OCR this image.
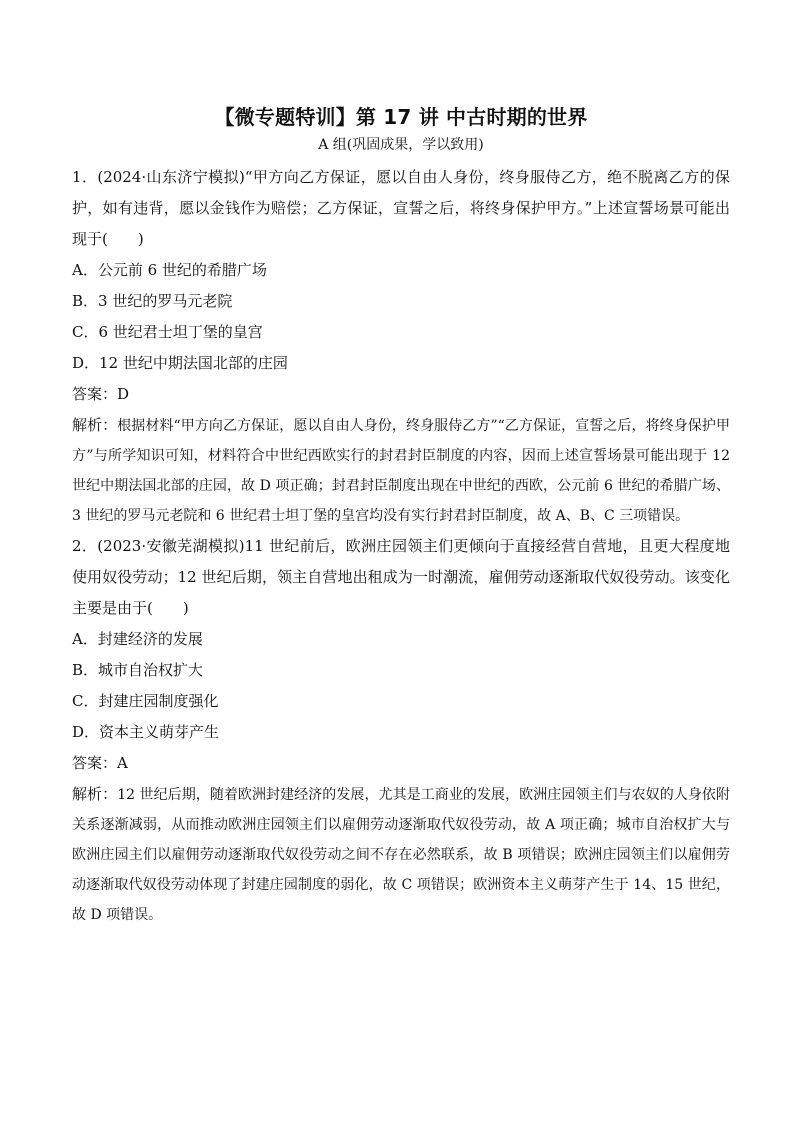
【微专题特训】第 17 讲 中古时期的世界
A 组(巩固成果，学以致用)

1．(2024·山东济宁模拟)“甲方向乙方保证，愿以自由人身份，终身服侍乙方，绝不脱离乙方的保护，如有违背，愿以金钱作为赔偿；乙方保证，宣誓之后，将终身保护甲方。”上述宣誓场景可能出现于(　　)

A．公元前 6 世纪的希腊广场

B．3 世纪的罗马元老院

C．6 世纪君士坦丁堡的皇宫

D．12 世纪中期法国北部的庄园

答案：D

解析：根据材料“甲方向乙方保证，愿以自由人身份，终身服侍乙方”“乙方保证，宣誓之后，将终身保护甲方”与所学知识可知，材料符合中世纪西欧实行的封君封臣制度的内容，因而上述宣誓场景可能出现于 12 世纪中期法国北部的庄园，故 D 项正确；封君封臣制度出现在中世纪的西欧，公元前 6 世纪的希腊广场、3 世纪的罗马元老院和 6 世纪君士坦丁堡的皇宫均没有实行封君封臣制度，故 A、B、C 三项错误。

2．(2023·安徽芜湖模拟)11 世纪前后，欧洲庄园领主们更倾向于直接经营自营地，且更大程度地使用奴役劳动；12 世纪后期，领主自营地出租成为一时潮流，雇佣劳动逐渐取代奴役劳动。该变化主要是由于(　　)

A．封建经济的发展

B．城市自治权扩大

C．封建庄园制度强化

D．资本主义萌芽产生

答案：A

解析：12 世纪后期，随着欧洲封建经济的发展，尤其是工商业的发展，欧洲庄园领主们与农奴的人身依附关系逐渐减弱，从而推动欧洲庄园领主们以雇佣劳动逐渐取代奴役劳动，故 A 项正确；城市自治权扩大与欧洲庄园主们以雇佣劳动逐渐取代奴役劳动之间不存在必然联系，故 B 项错误；欧洲庄园领主们以雇佣劳动逐渐取代奴役劳动体现了封建庄园制度的弱化，故 C 项错误；欧洲资本主义萌芽产生于 14、15 世纪，故 D 项错误。
